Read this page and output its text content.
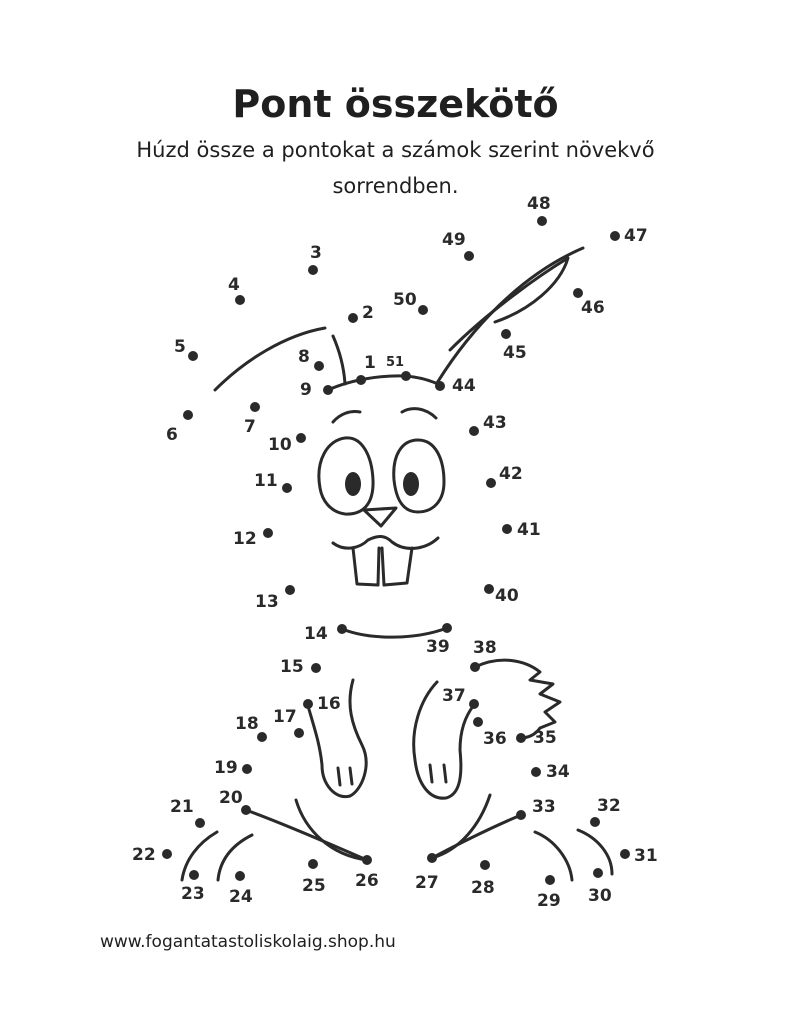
Pont összekötő
Húzd össze a pontokat a számok szerint növekvő sorrendben.
1
2
3
4
5
6	7
8
9
10
11
12
13
14
15
16
17
18
19
20
21
22
23 24
25 26 27 28
29 30
31
32
33
34
35
36
37
38
39
40
41
42
43
44
45
46
47
48
49
50
51
www.fogantatastoliskolaig.shop.hu
